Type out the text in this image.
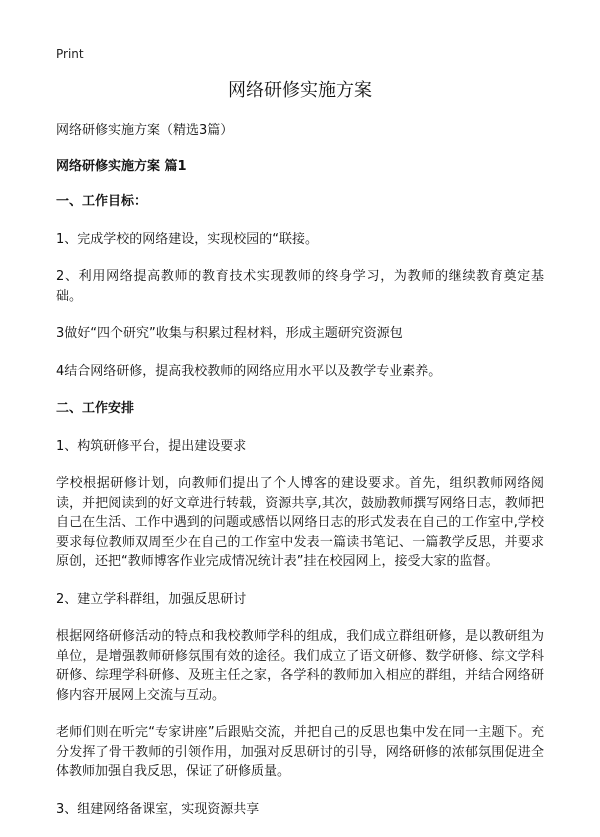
Print
网络研修实施方案

网络研修实施方案（精选3篇）

网络研修实施方案 篇1

一、工作目标：

1、完成学校的网络建设，实现校园的“联接。

2、利用网络提高教师的教育技术实现教师的终身学习，为教师的继续教育奠定基础。

3做好“四个研究”收集与积累过程材料，形成主题研究资源包

4结合网络研修，提高我校教师的网络应用水平以及教学专业素养。

二、工作安排

1、构筑研修平台，提出建设要求

学校根据研修计划，向教师们提出了个人博客的建设要求。首先，组织教师网络阅读，并把阅读到的好文章进行转载，资源共享,其次，鼓励教师撰写网络日志，教师把自己在生活、工作中遇到的问题或感悟以网络日志的形式发表在自己的工作室中,学校要求每位教师双周至少在自己的工作室中发表一篇读书笔记、一篇教学反思，并要求原创，还把“教师博客作业完成情况统计表”挂在校园网上，接受大家的监督。

2、建立学科群组，加强反思研讨

根据网络研修活动的特点和我校教师学科的组成，我们成立群组研修，是以教研组为单位，是增强教师研修氛围有效的途径。我们成立了语文研修、数学研修、综文学科研修、综理学科研修、及班主任之家，各学科的教师加入相应的群组，并结合网络研修内容开展网上交流与互动。

老师们则在听完“专家讲座”后跟贴交流，并把自己的反思也集中发在同一主题下。充分发挥了骨干教师的引领作用，加强对反思研讨的引导，网络研修的浓郁氛围促进全体教师加强自我反思，保证了研修质量。

3、组建网络备课室，实现资源共享
